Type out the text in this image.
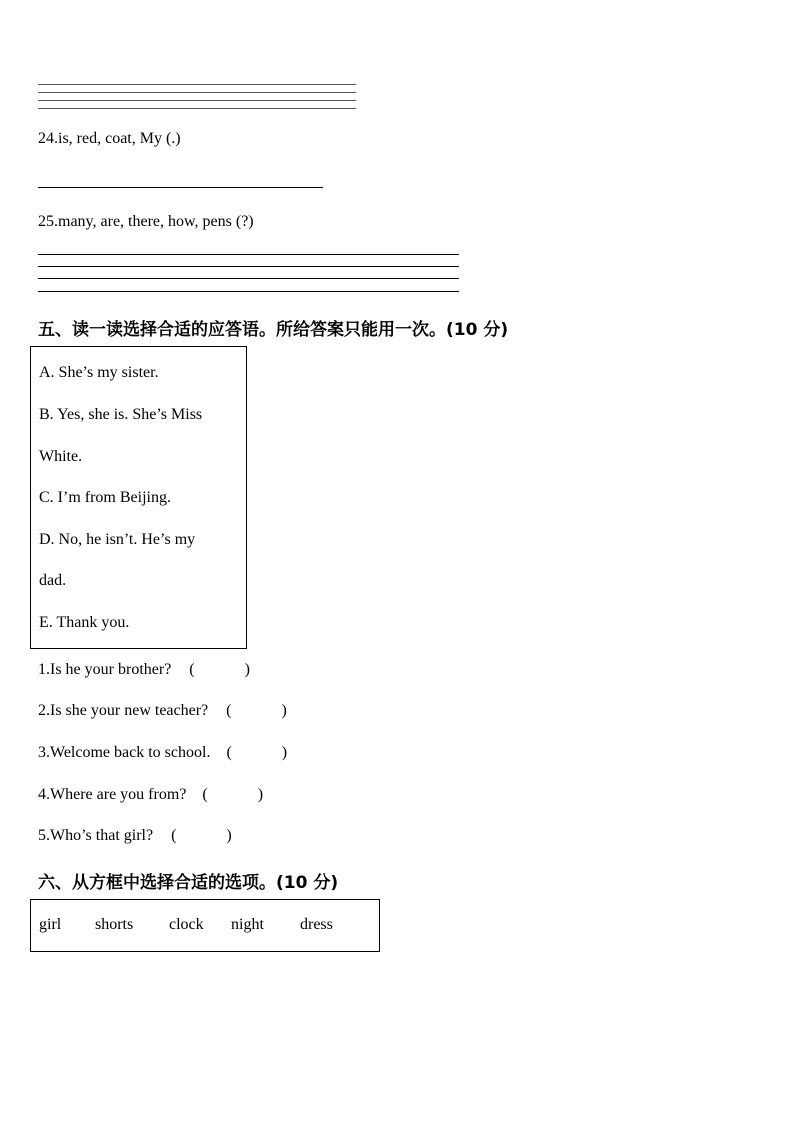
24.is, red, coat, My (.)
25.many, are, there, how, pens (?)
五、读一读选择合适的应答语。所给答案只能用一次。(10 分)
A. She’s my sister.
B. Yes, she is. She’s Miss
White.
C. I’m from Beijing.
D. No, he isn’t. He’s my
dad.
E. Thank you.
1.Is he your brother? (	)
2.Is she your new teacher? (	)
3.Welcome back to school. (	)
4.Where are you from? (	)
5.Who’s that girl? (	)
六、从方框中选择合适的选项。(10 分)
girl shorts clock night dress
